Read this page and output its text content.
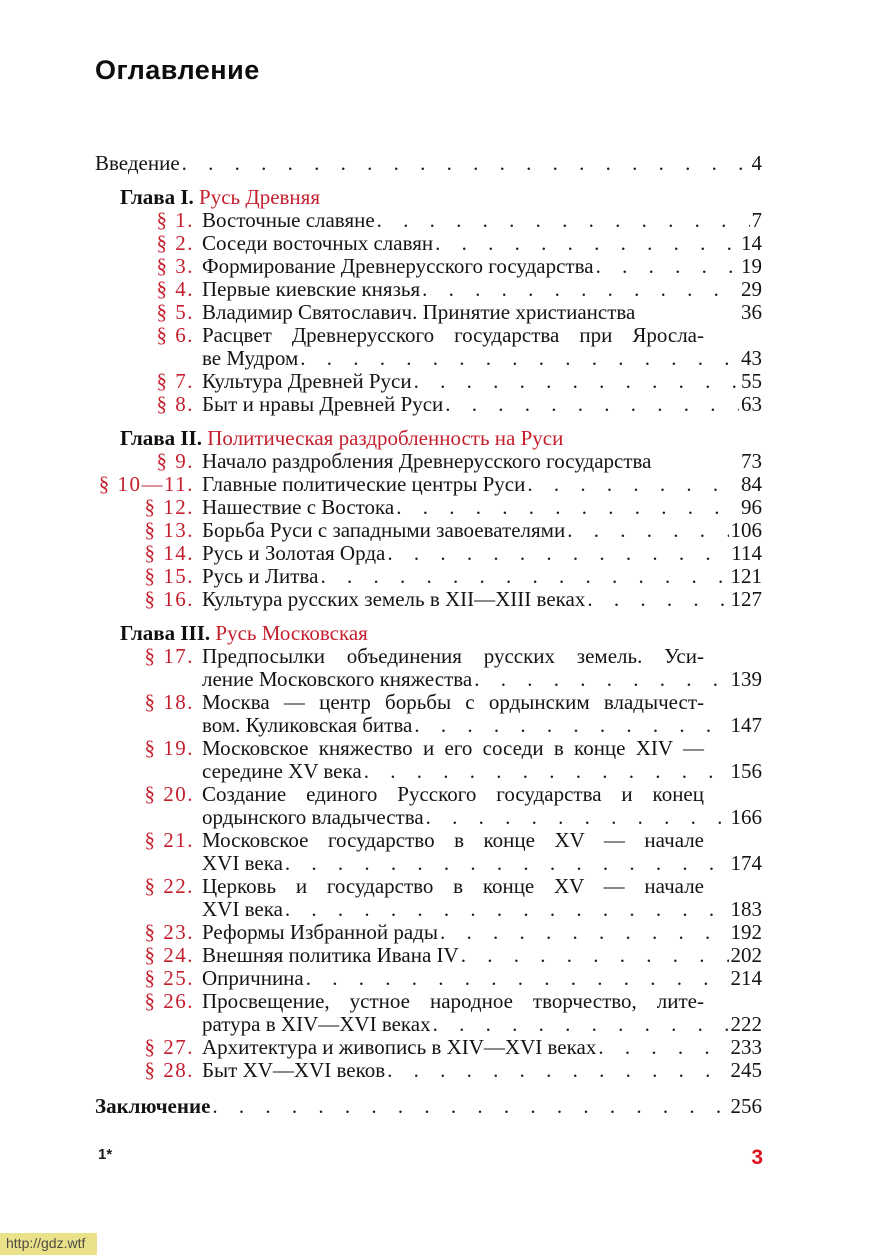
Оглавление
Введение . . .	4
Глава I. Русь Древняя
§ 1. Восточные славяне . . .	7
§ 2. Соседи восточных славян . . .	14
§ 3. Формирование Древнерусского государства . . .	19
§ 4. Первые киевские князья . . .	29
§ 5. Владимир Святославич. Принятие христианства	36
§ 6. Расцвет Древнерусского государства при Яросла-
ве Мудром . . .	43
§ 7. Культура Древней Руси . . .	55
§ 8. Быт и нравы Древней Руси . . .	63
Глава II. Политическая раздробленность на Руси
§ 9. Начало раздробления Древнерусского государства	73
§ 10—11. Главные политические центры Руси . . .	84
§ 12. Нашествие с Востока . . .	96
§ 13. Борьба Руси с западными завоевателями . . .	106
§ 14. Русь и Золотая Орда . . .	114
§ 15. Русь и Литва . . .	121
§ 16. Культура русских земель в XII—XIII веках . . .	127
Глава III. Русь Московская
§ 17. Предпосылки объединения русских земель. Уси-
ление Московского княжества . . .	139
§ 18. Москва — центр борьбы с ордынским владычест-
вом. Куликовская битва . . .	147
§ 19. Московское княжество и его соседи в конце XIV —
середине XV века . . .	156
§ 20. Создание единого Русского государства и конец
ордынского владычества . . .	166
§ 21. Московское государство в конце XV — начале
XVI века . . .	174
§ 22. Церковь и государство в конце XV — начале
XVI века . . .	183
§ 23. Реформы Избранной рады . . .	192
§ 24. Внешняя политика Ивана IV . . .	202
§ 25. Опричнина . . .	214
§ 26. Просвещение, устное народное творчество, лите-
ратура в XIV—XVI веках . . .	222
§ 27. Архитектура и живопись в XIV—XVI веках . . .	233
§ 28. Быт XV—XVI веков . . .	245
Заключение . . .	256
1*	3
http://gdz.wtf
